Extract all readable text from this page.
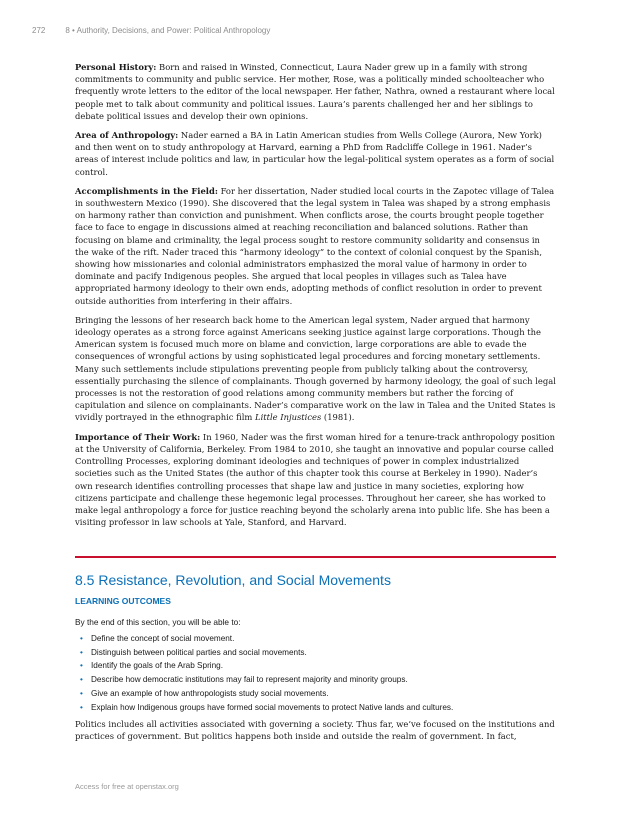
272	8 • Authority, Decisions, and Power: Political Anthropology

Personal History: Born and raised in Winsted, Connecticut, Laura Nader grew up in a family with strong commitments to community and public service. Her mother, Rose, was a politically minded schoolteacher who frequently wrote letters to the editor of the local newspaper. Her father, Nathra, owned a restaurant where local people met to talk about community and political issues. Laura’s parents challenged her and her siblings to debate political issues and develop their own opinions.

Area of Anthropology: Nader earned a BA in Latin American studies from Wells College (Aurora, New York) and then went on to study anthropology at Harvard, earning a PhD from Radcliffe College in 1961. Nader’s areas of interest include politics and law, in particular how the legal-political system operates as a form of social control.

Accomplishments in the Field: For her dissertation, Nader studied local courts in the Zapotec village of Talea in southwestern Mexico (1990). She discovered that the legal system in Talea was shaped by a strong emphasis on harmony rather than conviction and punishment. When conflicts arose, the courts brought people together face to face to engage in discussions aimed at reaching reconciliation and balanced solutions. Rather than focusing on blame and criminality, the legal process sought to restore community solidarity and consensus in the wake of the rift. Nader traced this “harmony ideology” to the context of colonial conquest by the Spanish, showing how missionaries and colonial administrators emphasized the moral value of harmony in order to dominate and pacify Indigenous peoples. She argued that local peoples in villages such as Talea have appropriated harmony ideology to their own ends, adopting methods of conflict resolution in order to prevent outside authorities from interfering in their affairs.

Bringing the lessons of her research back home to the American legal system, Nader argued that harmony ideology operates as a strong force against Americans seeking justice against large corporations. Though the American system is focused much more on blame and conviction, large corporations are able to evade the consequences of wrongful actions by using sophisticated legal procedures and forcing monetary settlements. Many such settlements include stipulations preventing people from publicly talking about the controversy, essentially purchasing the silence of complainants. Though governed by harmony ideology, the goal of such legal processes is not the restoration of good relations among community members but rather the forcing of capitulation and silence on complainants. Nader’s comparative work on the law in Talea and the United States is vividly portrayed in the ethnographic film Little Injustices (1981).

Importance of Their Work: In 1960, Nader was the first woman hired for a tenure-track anthropology position at the University of California, Berkeley. From 1984 to 2010, she taught an innovative and popular course called Controlling Processes, exploring dominant ideologies and techniques of power in complex industrialized societies such as the United States (the author of this chapter took this course at Berkeley in 1990). Nader’s own research identifies controlling processes that shape law and justice in many societies, exploring how citizens participate and challenge these hegemonic legal processes. Throughout her career, she has worked to make legal anthropology a force for justice reaching beyond the scholarly arena into public life. She has been a visiting professor in law schools at Yale, Stanford, and Harvard.

8.5 Resistance, Revolution, and Social Movements
LEARNING OUTCOMES
By the end of this section, you will be able to:
• Define the concept of social movement.
• Distinguish between political parties and social movements.
• Identify the goals of the Arab Spring.
• Describe how democratic institutions may fail to represent majority and minority groups.
• Give an example of how anthropologists study social movements.
• Explain how Indigenous groups have formed social movements to protect Native lands and cultures.
Politics includes all activities associated with governing a society. Thus far, we’ve focused on the institutions and practices of government. But politics happens both inside and outside the realm of government. In fact,
Access for free at openstax.org
